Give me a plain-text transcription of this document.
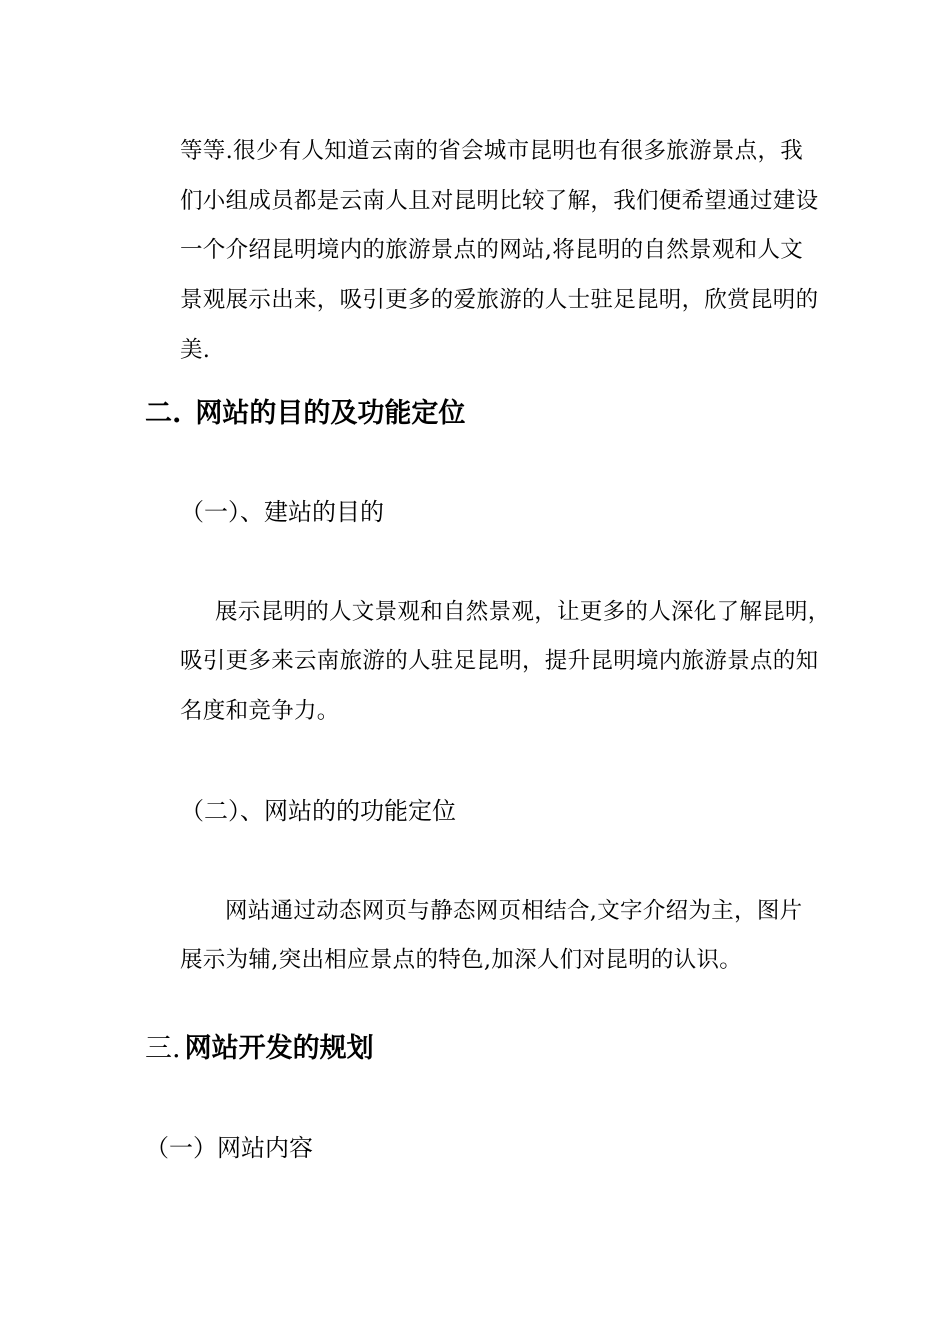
等等.很少有人知道云南的省会城市昆明也有很多旅游景点，我
们小组成员都是云南人且对昆明比较了解，我们便希望通过建设
一个介绍昆明境内的旅游景点的网站,将昆明的自然景观和人文
景观展示出来，吸引更多的爱旅游的人士驻足昆明，欣赏昆明的
美.
二. 网站的目的及功能定位
（一）、建站的目的
展示昆明的人文景观和自然景观，让更多的人深化了解昆明，
吸引更多来云南旅游的人驻足昆明，提升昆明境内旅游景点的知
名度和竞争力。
（二）、网站的的功能定位
网站通过动态网页与静态网页相结合,文字介绍为主，图片
展示为辅,突出相应景点的特色,加深人们对昆明的认识。
三. 网站开发的规划
（一）网站内容
